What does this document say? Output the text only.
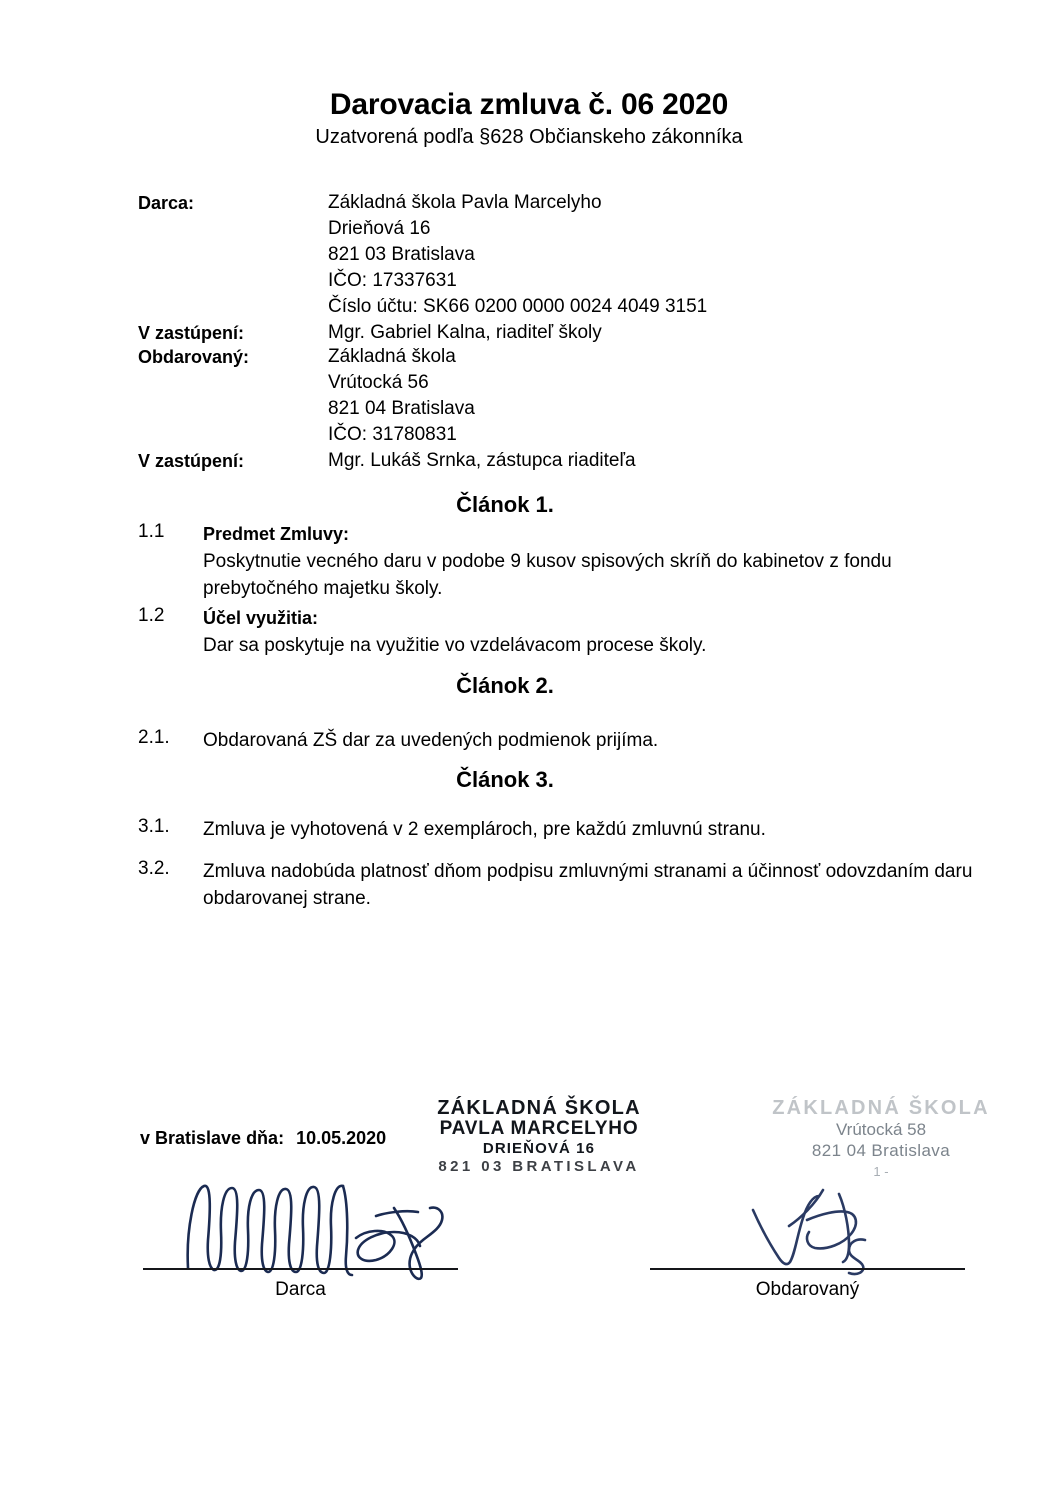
Darovacia zmluva č. 06 2020
Uzatvorená podľa §628 Občianskeho zákonníka
Darca:	Základná škola Pavla Marcelyho
Drieňová 16
821 03 Bratislava
IČO: 17337631
Číslo účtu: SK66 0200 0000 0024 4049 3151
V zastúpení:	Mgr. Gabriel Kalna, riaditeľ školy
Obdarovaný:	Základná škola
Vrútocká 56
821 04 Bratislava
IČO: 31780831
V zastúpení:	Mgr. Lukáš Srnka, zástupca riaditeľa
Článok 1.
1.1	Predmet Zmluvy:
Poskytnutie vecného daru v podobe 9 kusov spisových skríň do kabinetov z fondu prebytočného majetku školy.
1.2	Účel využitia:
Dar sa poskytuje na využitie vo vzdelávacom procese školy.
Článok 2.
2.1.	Obdarovaná ZŠ dar za uvedených podmienok prijíma.
Článok 3.
3.1.	Zmluva je vyhotovená v 2 exemplároch, pre každú zmluvnú stranu.
3.2.	Zmluva nadobúda platnosť dňom podpisu zmluvnými stranami a účinnosť odovzdaním daru obdarovanej strane.
v Bratislave dňa: 10.05.2020
ZÁKLADNÁ ŠKOLA
PAVLA MARCELYHO
DRIEŇOVÁ 16
821 03 BRATISLAVA
ZÁKLADNÁ ŠKOLA
Vrútocká 58
821 04 Bratislava
1 -
Darca	Obdarovaný
